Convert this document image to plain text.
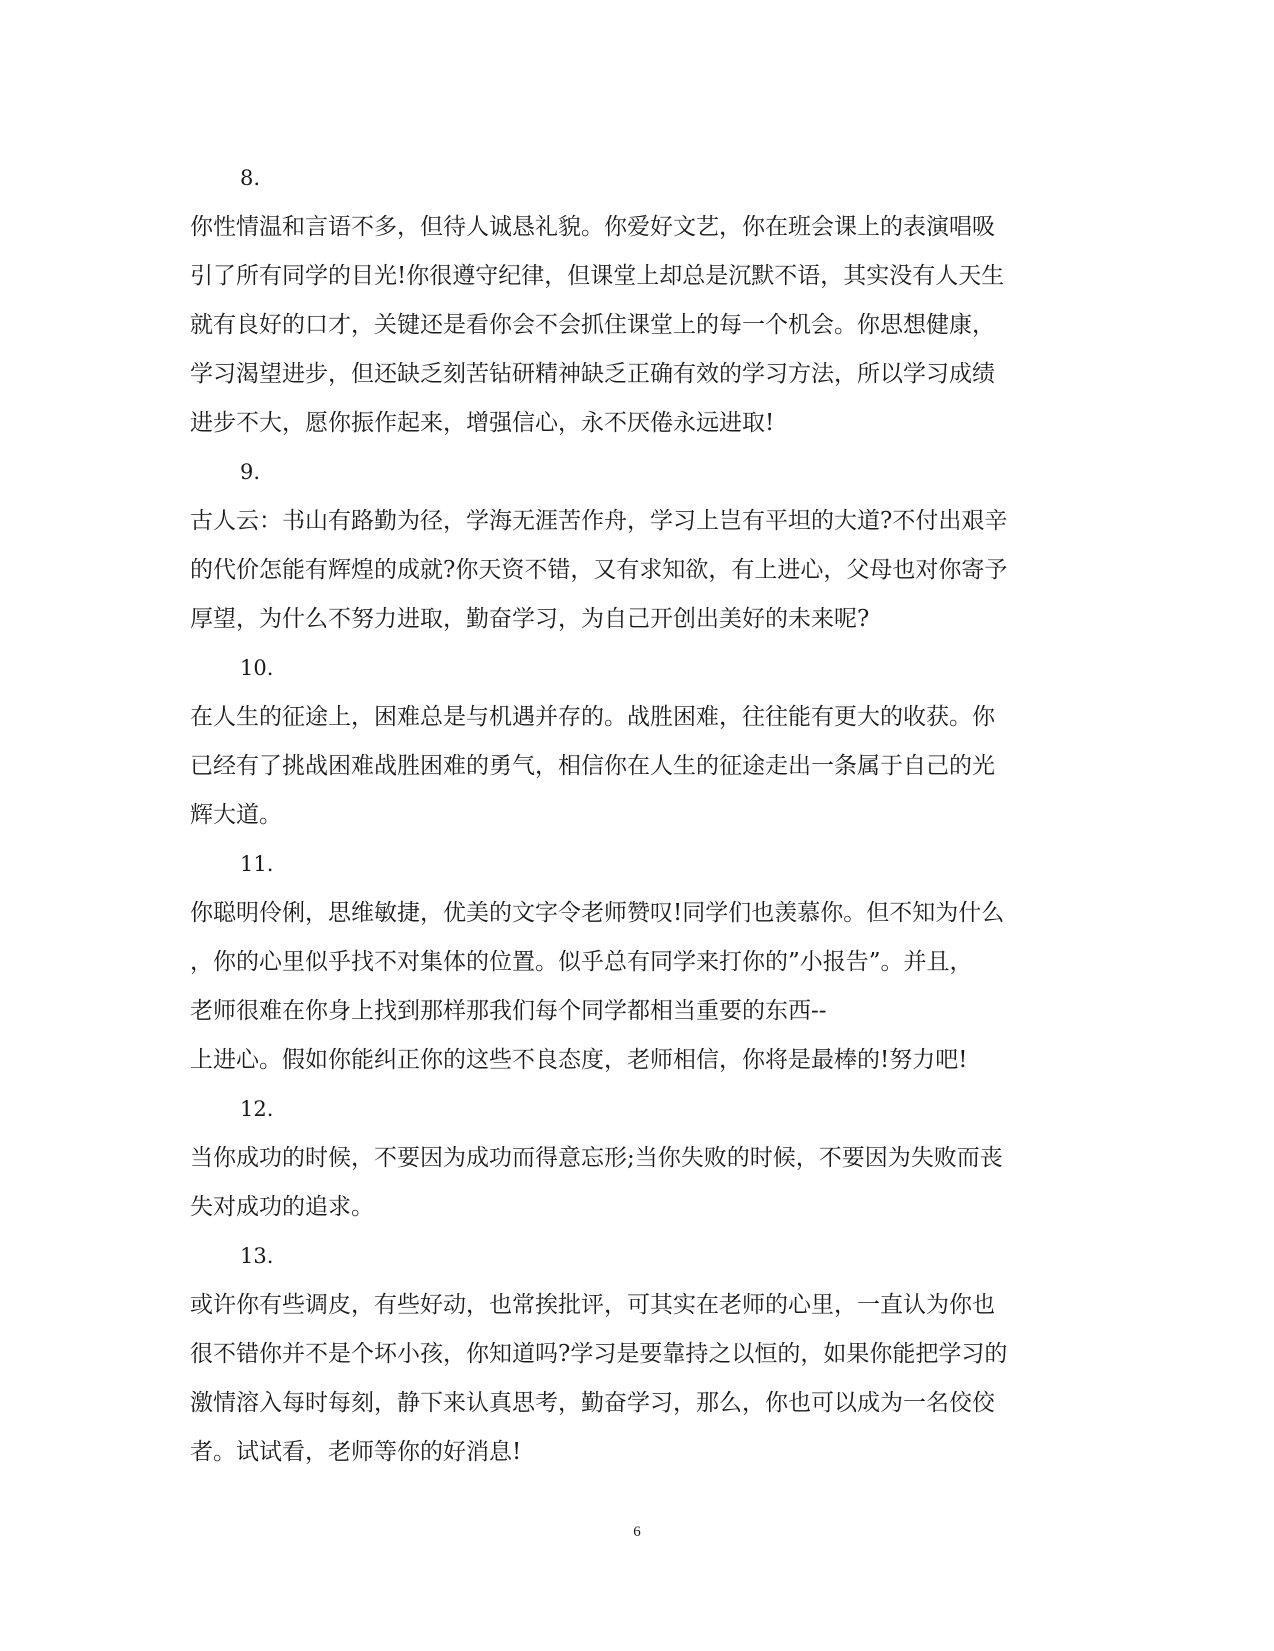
8.
你性情温和言语不多，但待人诚恳礼貌。你爱好文艺，你在班会课上的表演唱吸
引了所有同学的目光!你很遵守纪律，但课堂上却总是沉默不语，其实没有人天生
就有良好的口才，关键还是看你会不会抓住课堂上的每一个机会。你思想健康，
学习渴望进步，但还缺乏刻苦钻研精神缺乏正确有效的学习方法，所以学习成绩
进步不大，愿你振作起来，增强信心，永不厌倦永远进取!
9.
古人云：书山有路勤为径，学海无涯苦作舟，学习上岂有平坦的大道?不付出艰辛
的代价怎能有辉煌的成就?你天资不错，又有求知欲，有上进心，父母也对你寄予
厚望，为什么不努力进取，勤奋学习，为自己开创出美好的未来呢?
10.
在人生的征途上，困难总是与机遇并存的。战胜困难，往往能有更大的收获。你
已经有了挑战困难战胜困难的勇气，相信你在人生的征途走出一条属于自己的光
辉大道。
11.
你聪明伶俐，思维敏捷，优美的文字令老师赞叹!同学们也羡慕你。但不知为什么
，你的心里似乎找不对集体的位置。似乎总有同学来打你的”小报告”。并且，
老师很难在你身上找到那样那我们每个同学都相当重要的东西--
上进心。假如你能纠正你的这些不良态度，老师相信，你将是最棒的!努力吧!
12.
当你成功的时候，不要因为成功而得意忘形;当你失败的时候，不要因为失败而丧
失对成功的追求。
13.
或许你有些调皮，有些好动，也常挨批评，可其实在老师的心里，一直认为你也
很不错你并不是个坏小孩，你知道吗?学习是要靠持之以恒的，如果你能把学习的
激情溶入每时每刻，静下来认真思考，勤奋学习，那么，你也可以成为一名佼佼
者。试试看，老师等你的好消息!
6
